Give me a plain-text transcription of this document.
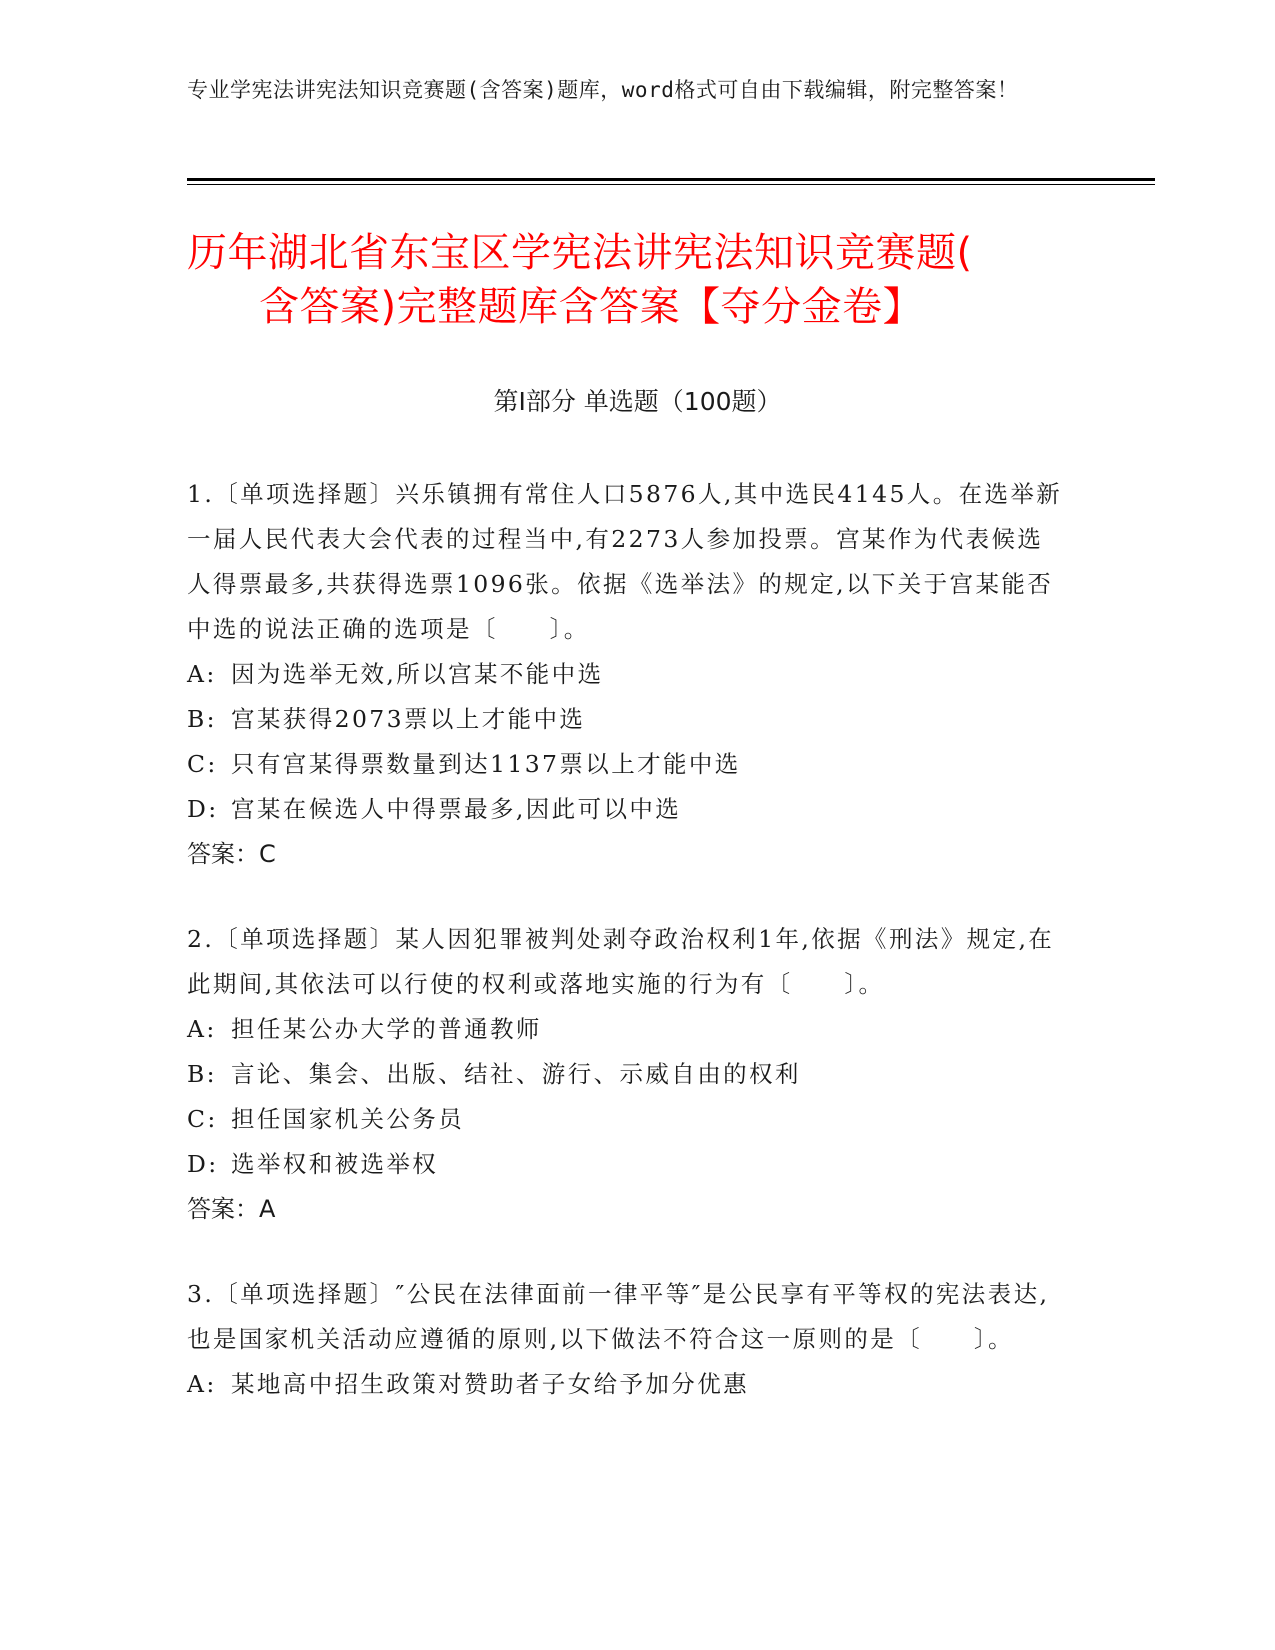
专业学宪法讲宪法知识竞赛题(含答案)题库，word格式可自由下载编辑，附完整答案！
历年湖北省东宝区学宪法讲宪法知识竞赛题(
含答案)完整题库含答案【夺分金卷】
第Ⅰ部分 单选题（100题）

1.〔单项选择题〕兴乐镇拥有常住人口5876人,其中选民4145人。在选举新一届人民代表大会代表的过程当中,有2273人参加投票。宫某作为代表候选人得票最多,共获得选票1096张。依据《选举法》的规定,以下关于宫某能否中选的说法正确的选项是〔　　〕。

A: 因为选举无效,所以宫某不能中选

B: 宫某获得2073票以上才能中选

C: 只有宫某得票数量到达1137票以上才能中选

D: 宫某在候选人中得票最多,因此可以中选

答案：C

2.〔单项选择题〕某人因犯罪被判处剥夺政治权利1年,依据《刑法》规定,在此期间,其依法可以行使的权利或落地实施的行为有〔　　〕。

A: 担任某公办大学的普通教师

B: 言论、集会、出版、结社、游行、示威自由的权利

C: 担任国家机关公务员

D: 选举权和被选举权

答案：A

3.〔单项选择题〕″公民在法律面前一律平等″是公民享有平等权的宪法表达,也是国家机关活动应遵循的原则,以下做法不符合这一原则的是〔　　〕。

A: 某地高中招生政策对赞助者子女给予加分优惠
